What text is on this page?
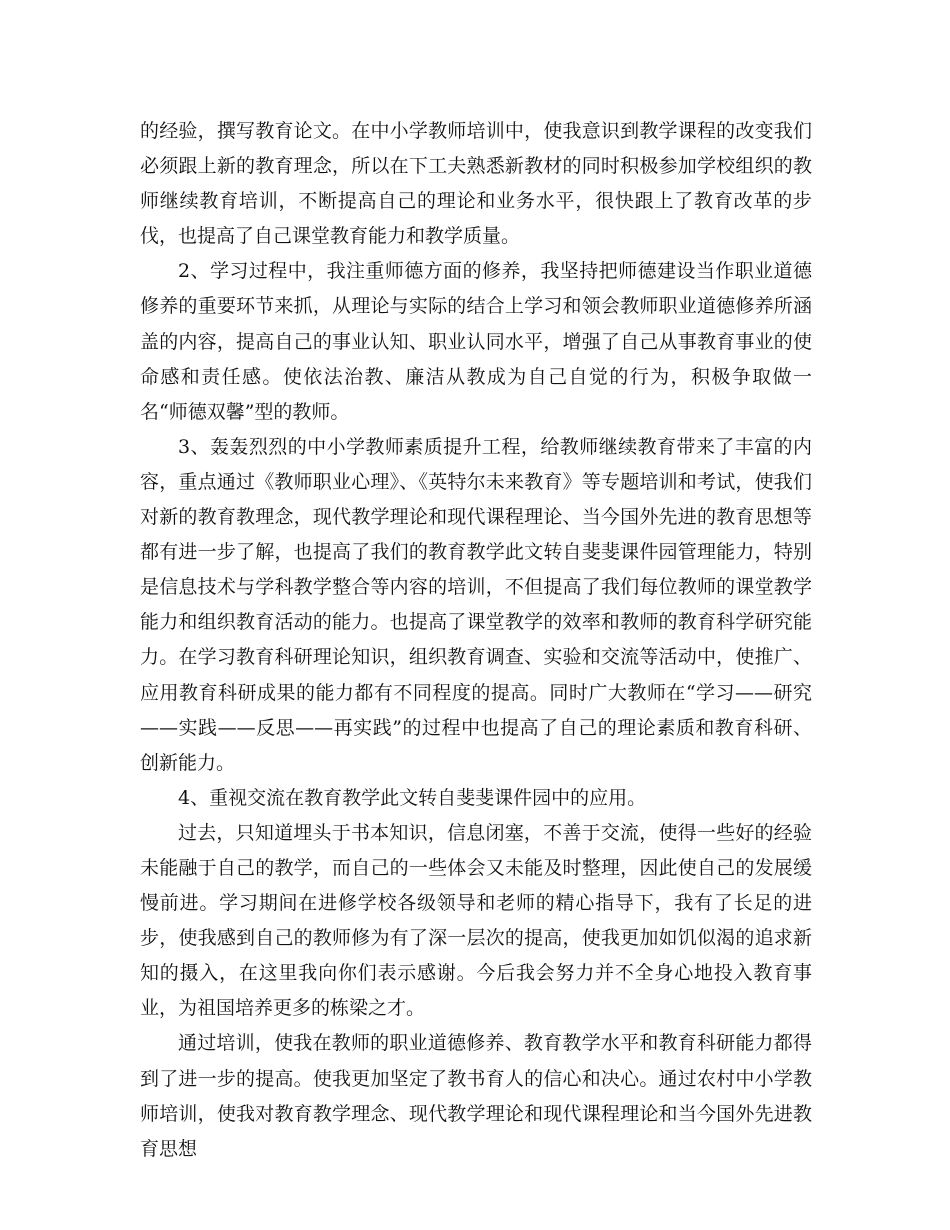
的经验，撰写教育论文。在中小学教师培训中，使我意识到教学课程的改变我们必须跟上新的教育理念，所以在下工夫熟悉新教材的同时积极参加学校组织的教师继续教育培训，不断提高自己的理论和业务水平，很快跟上了教育改革的步伐，也提高了自己课堂教育能力和教学质量。

2、学习过程中，我注重师德方面的修养，我坚持把师德建设当作职业道德修养的重要环节来抓，从理论与实际的结合上学习和领会教师职业道德修养所涵盖的内容，提高自己的事业认知、职业认同水平，增强了自己从事教育事业的使命感和责任感。使依法治教、廉洁从教成为自己自觉的行为，积极争取做一名“师德双馨”型的教师。

3、轰轰烈烈的中小学教师素质提升工程，给教师继续教育带来了丰富的内容，重点通过《教师职业心理》、《英特尔未来教育》等专题培训和考试，使我们对新的教育教理念，现代教学理论和现代课程理论、当今国外先进的教育思想等都有进一步了解，也提高了我们的教育教学此文转自斐斐课件园管理能力，特别是信息技术与学科教学整合等内容的培训，不但提高了我们每位教师的课堂教学能力和组织教育活动的能力。也提高了课堂教学的效率和教师的教育科学研究能力。在学习教育科研理论知识，组织教育调查、实验和交流等活动中，使推广、应用教育科研成果的能力都有不同程度的提高。同时广大教师在“学习——研究——实践——反思——再实践”的过程中也提高了自己的理论素质和教育科研、创新能力。

4、重视交流在教育教学此文转自斐斐课件园中的应用。

过去，只知道埋头于书本知识，信息闭塞，不善于交流，使得一些好的经验未能融于自己的教学，而自己的一些体会又未能及时整理，因此使自己的发展缓慢前进。学习期间在进修学校各级领导和老师的精心指导下，我有了长足的进步，使我感到自己的教师修为有了深一层次的提高，使我更加如饥似渴的追求新知的摄入，在这里我向你们表示感谢。今后我会努力并不全身心地投入教育事业，为祖国培养更多的栋梁之才。

通过培训，使我在教师的职业道德修养、教育教学水平和教育科研能力都得到了进一步的提高。使我更加坚定了教书育人的信心和决心。通过农村中小学教师培训，使我对教育教学理念、现代教学理论和现代课程理论和当今国外先进教育思想
